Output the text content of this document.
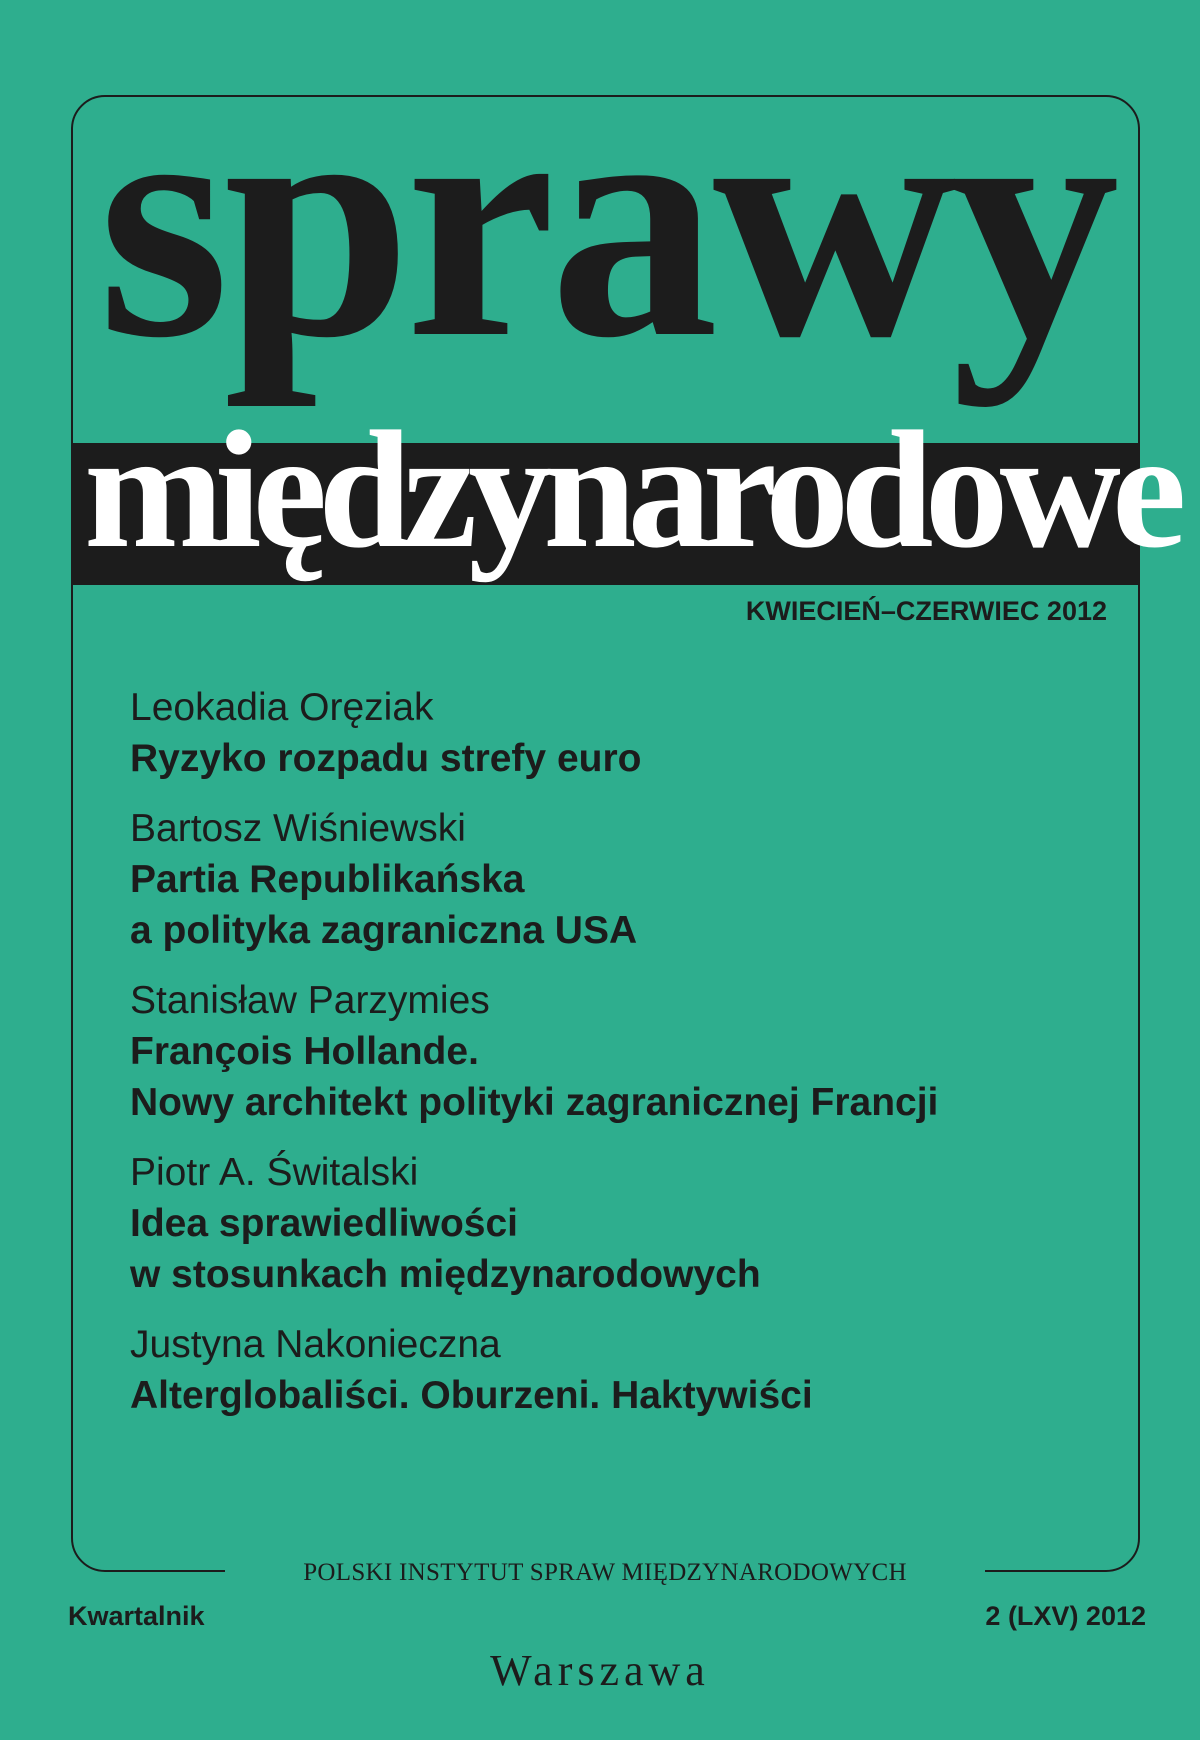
sprawy
międzynarodowe
KWIECIEŃ–CZERWIEC 2012
Leokadia Oręziak
Ryzyko rozpadu strefy euro
Bartosz Wiśniewski
Partia Republikańska
a polityka zagraniczna USA
Stanisław Parzymies
François Hollande.
Nowy architekt polityki zagranicznej Francji
Piotr A. Świtalski
Idea sprawiedliwości
w stosunkach międzynarodowych
Justyna Nakonieczna
Alterglobaliści. Oburzeni. Haktywiści
POLSKI INSTYTUT SPRAW MIĘDZYNARODOWYCH
Kwartalnik	2 (LXV) 2012
Warszawa
